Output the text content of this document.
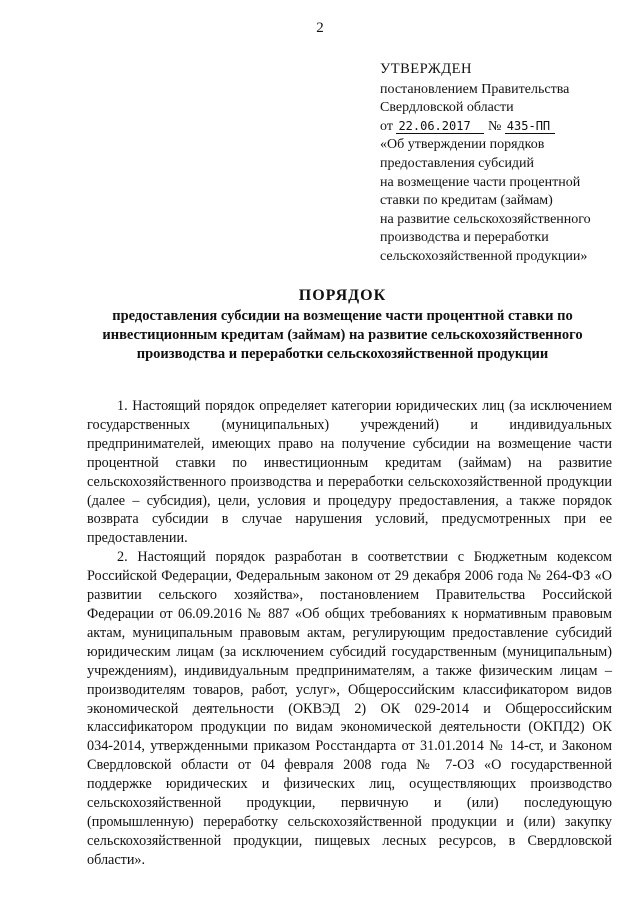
2
УТВЕРЖДЕН
постановлением Правительства
Свердловской области
от 22.06.2017 № 435-ПП
«Об утверждении порядков
предоставления субсидий
на возмещение части процентной
ставки по кредитам (займам)
на развитие сельскохозяйственного
производства и переработки
сельскохозяйственной продукции»
ПОРЯДОК
предоставления субсидии на возмещение части процентной ставки по инвестиционным кредитам (займам) на развитие сельскохозяйственного производства и переработки сельскохозяйственной продукции

1. Настоящий порядок определяет категории юридических лиц (за исключением государственных (муниципальных) учреждений) и индивидуальных предпринимателей, имеющих право на получение субсидии на возмещение части процентной ставки по инвестиционным кредитам (займам) на развитие сельскохозяйственного производства и переработки сельскохозяйственной продукции (далее – субсидия), цели, условия и процедуру предоставления, а также порядок возврата субсидии в случае нарушения условий, предусмотренных при ее предоставлении.

2. Настоящий порядок разработан в соответствии с Бюджетным кодексом Российской Федерации, Федеральным законом от 29 декабря 2006 года № 264-ФЗ «О развитии сельского хозяйства», постановлением Правительства Российской Федерации от 06.09.2016 № 887 «Об общих требованиях к нормативным правовым актам, муниципальным правовым актам, регулирующим предоставление субсидий юридическим лицам (за исключением субсидий государственным (муниципальным) учреждениям), индивидуальным предпринимателям, а также физическим лицам – производителям товаров, работ, услуг», Общероссийским классификатором видов экономической деятельности (ОКВЭД 2) ОК 029-2014 и Общероссийским классификатором продукции по видам экономической деятельности (ОКПД2) ОК 034-2014, утвержденными приказом Росстандарта от 31.01.2014 № 14-ст, и Законом Свердловской области от 04 февраля 2008 года № 7-ОЗ «О государственной поддержке юридических и физических лиц, осуществляющих производство сельскохозяйственной продукции, первичную и (или) последующую (промышленную) переработку сельскохозяйственной продукции и (или) закупку сельскохозяйственной продукции, пищевых лесных ресурсов, в Свердловской области».
